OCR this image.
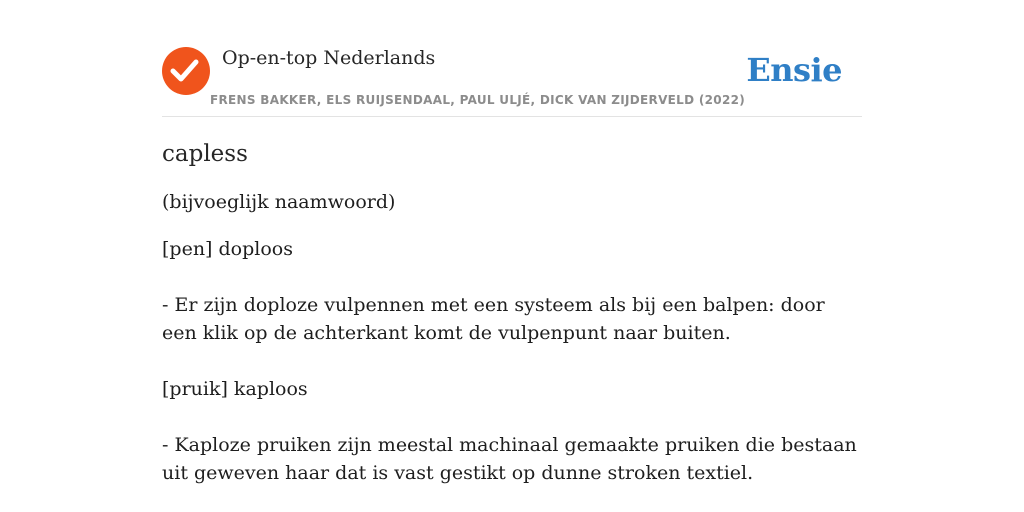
Op-en-top Nederlands
FRENS BAKKER, ELS RUIJSENDAAL, PAUL ULJÉ, DICK VAN ZIJDERVELD (2022)
Ensie
capless

(bijvoeglijk naamwoord)

[pen] doploos

- Er zijn doploze vulpennen met een systeem als bij een balpen: door een klik op de achterkant komt de vulpenpunt naar buiten.

[pruik] kaploos

- Kaploze pruiken zijn meestal machinaal gemaakte pruiken die bestaan uit geweven haar dat is vast gestikt op dunne stroken textiel.
